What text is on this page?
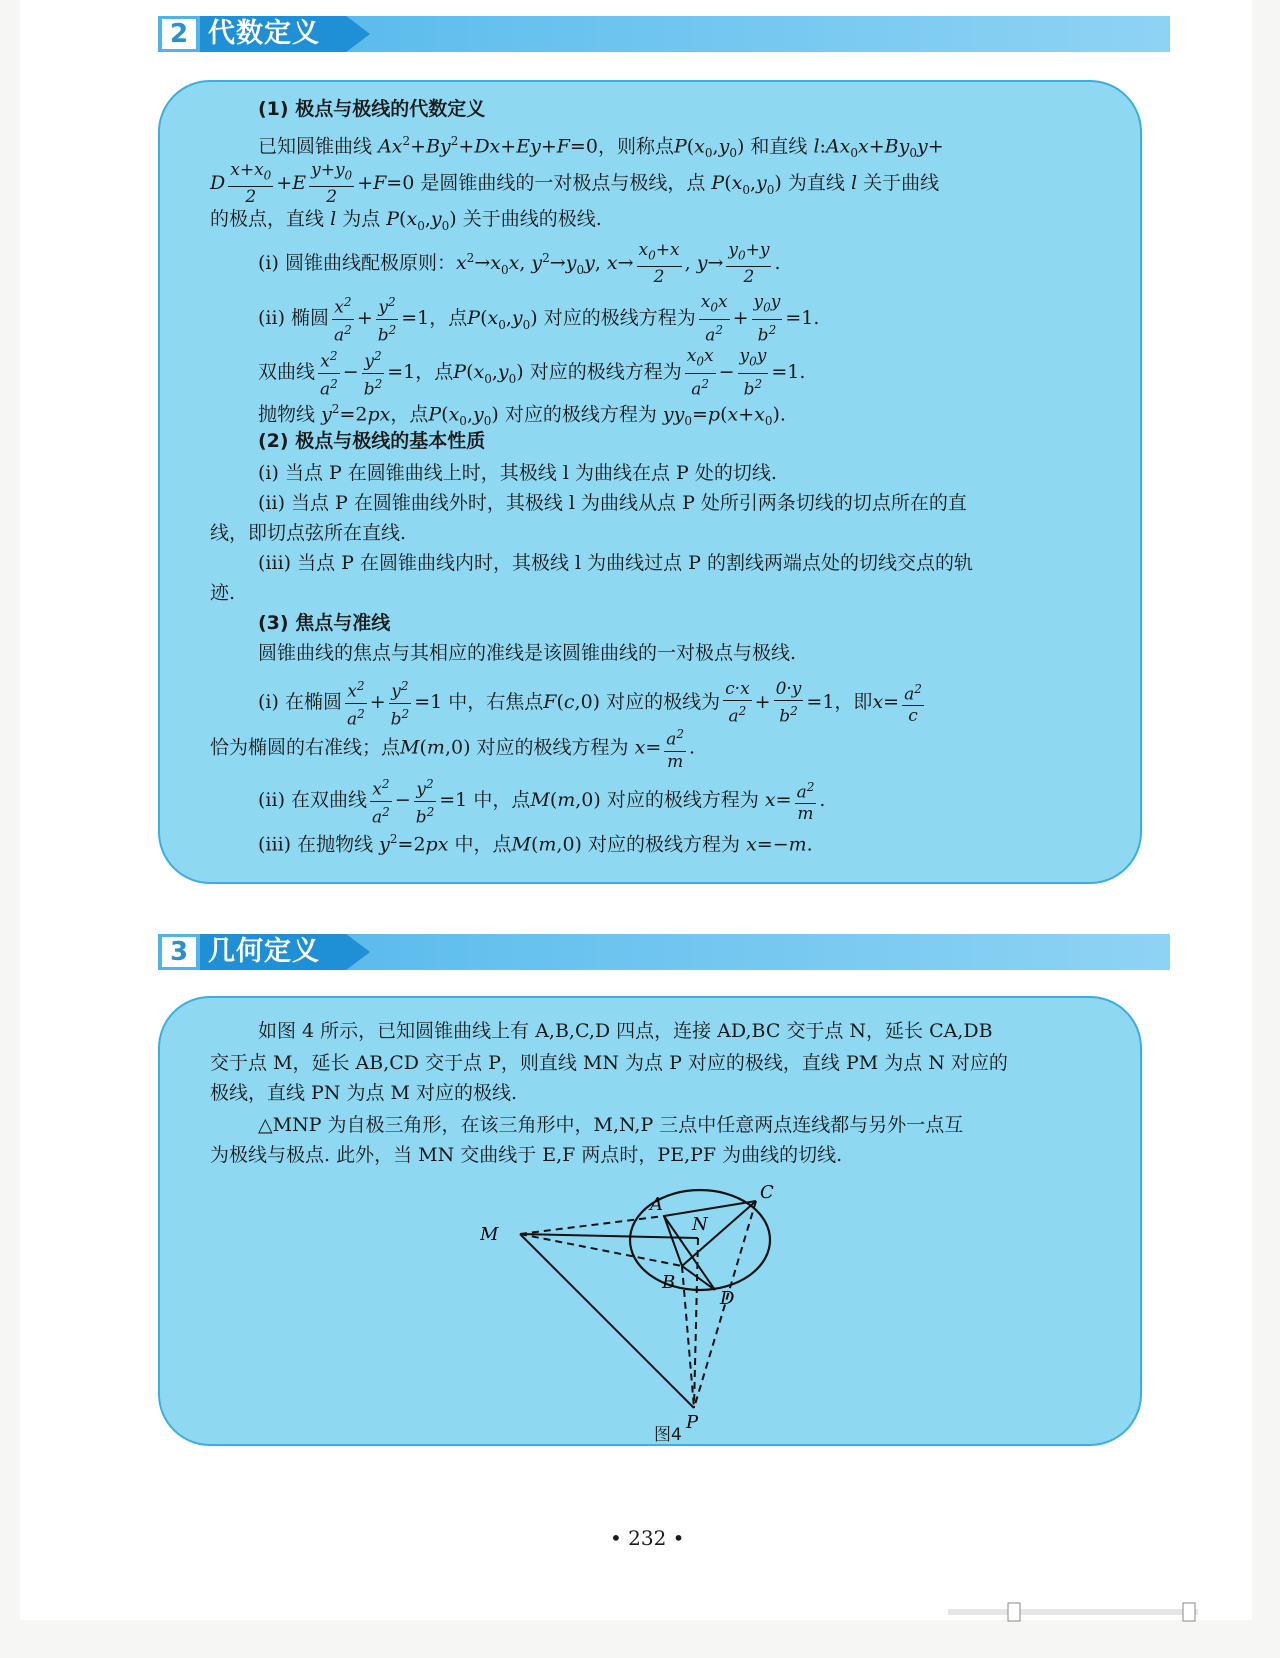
2 代数定义
(1) 极点与极线的代数定义
已知圆锥曲线 $Ax^2+By^2+Dx+Ey+F=0$，则称点$P(x_0,y_0)$ 和直线 $l:Ax_0x+By_0y+$
D $\frac{x+x_0}{2} +E \frac{y+y_0}{2} +F=0$ 是圆锥曲线的一对极点与极线，点 $P(x_0,y_0)$ 为直线 l 关于曲线
的极点，直线 l 为点 $P(x_0,y_0)$ 关于曲线的极线.
(i) 圆锥曲线配极原则：$x^2\to x_0x$, $y^2\to y_0y$, $x\to \frac{x_0+x}{2}$ , $y\to \frac{y_0+y}{2}$ .
(ii) 椭圆 $\frac{x^2}{a^2} + \frac{y^2}{b^2} =1$，点$P(x_0,y_0)$ 对应的极线方程为 $\frac{x_0x}{a^2} + \frac{y_0y}{b^2} =1$.
双曲线 $\frac{x^2}{a^2} - \frac{y^2}{b^2} =1$，点$P(x_0,y_0)$ 对应的极线方程为 $\frac{x_0x}{a^2} - \frac{y_0y}{b^2} =1$.
抛物线 $y^2=2px$，点$P(x_0,y_0)$ 对应的极线方程为 $yy_0=p(x+x_0)$.
(2) 极点与极线的基本性质
(i) 当点 P 在圆锥曲线上时，其极线 l 为曲线在点 P 处的切线.
(ii) 当点 P 在圆锥曲线外时，其极线 l 为曲线从点 P 处所引两条切线的切点所在的直
线，即切点弦所在直线.
(iii) 当点 P 在圆锥曲线内时，其极线 l 为曲线过点 P 的割线两端点处的切线交点的轨
迹.
(3) 焦点与准线
圆锥曲线的焦点与其相应的准线是该圆锥曲线的一对极点与极线.
(i) 在椭圆 $\frac{x^2}{a^2} + \frac{y^2}{b^2} =1$ 中，右焦点F(c,0) 对应的极线为 $\frac{c\cdot x}{a^2} + \frac{0\cdot y}{b^2} =1$，即$x= \frac{a^2}{c}$
恰为椭圆的右准线；点M(m,0) 对应的极线方程为 $x= \frac{a^2}{m}$ .
(ii) 在双曲线 $\frac{x^2}{a^2} - \frac{y^2}{b^2} =1$ 中，点M(m,0) 对应的极线方程为 $x= \frac{a^2}{m}$ .
(iii) 在抛物线 $y^2=2px$ 中，点M(m,0) 对应的极线方程为 x=−m.
3 几何定义
如图 4 所示，已知圆锥曲线上有 A,B,C,D 四点，连接 AD,BC 交于点 N，延长 CA,DB
交于点 M，延长 AB,CD 交于点 P，则直线 MN 为点 P 对应的极线，直线 PM 为点 N 对应的
极线，直线 PN 为点 M 对应的极线.
△MNP 为自极三角形，在该三角形中，M,N,P 三点中任意两点连线都与另外一点互
为极线与极点. 此外，当 MN 交曲线于 E,F 两点时，PE,PF 为曲线的切线.
A
B
C
D
M	N
P
图4
• 232 •
